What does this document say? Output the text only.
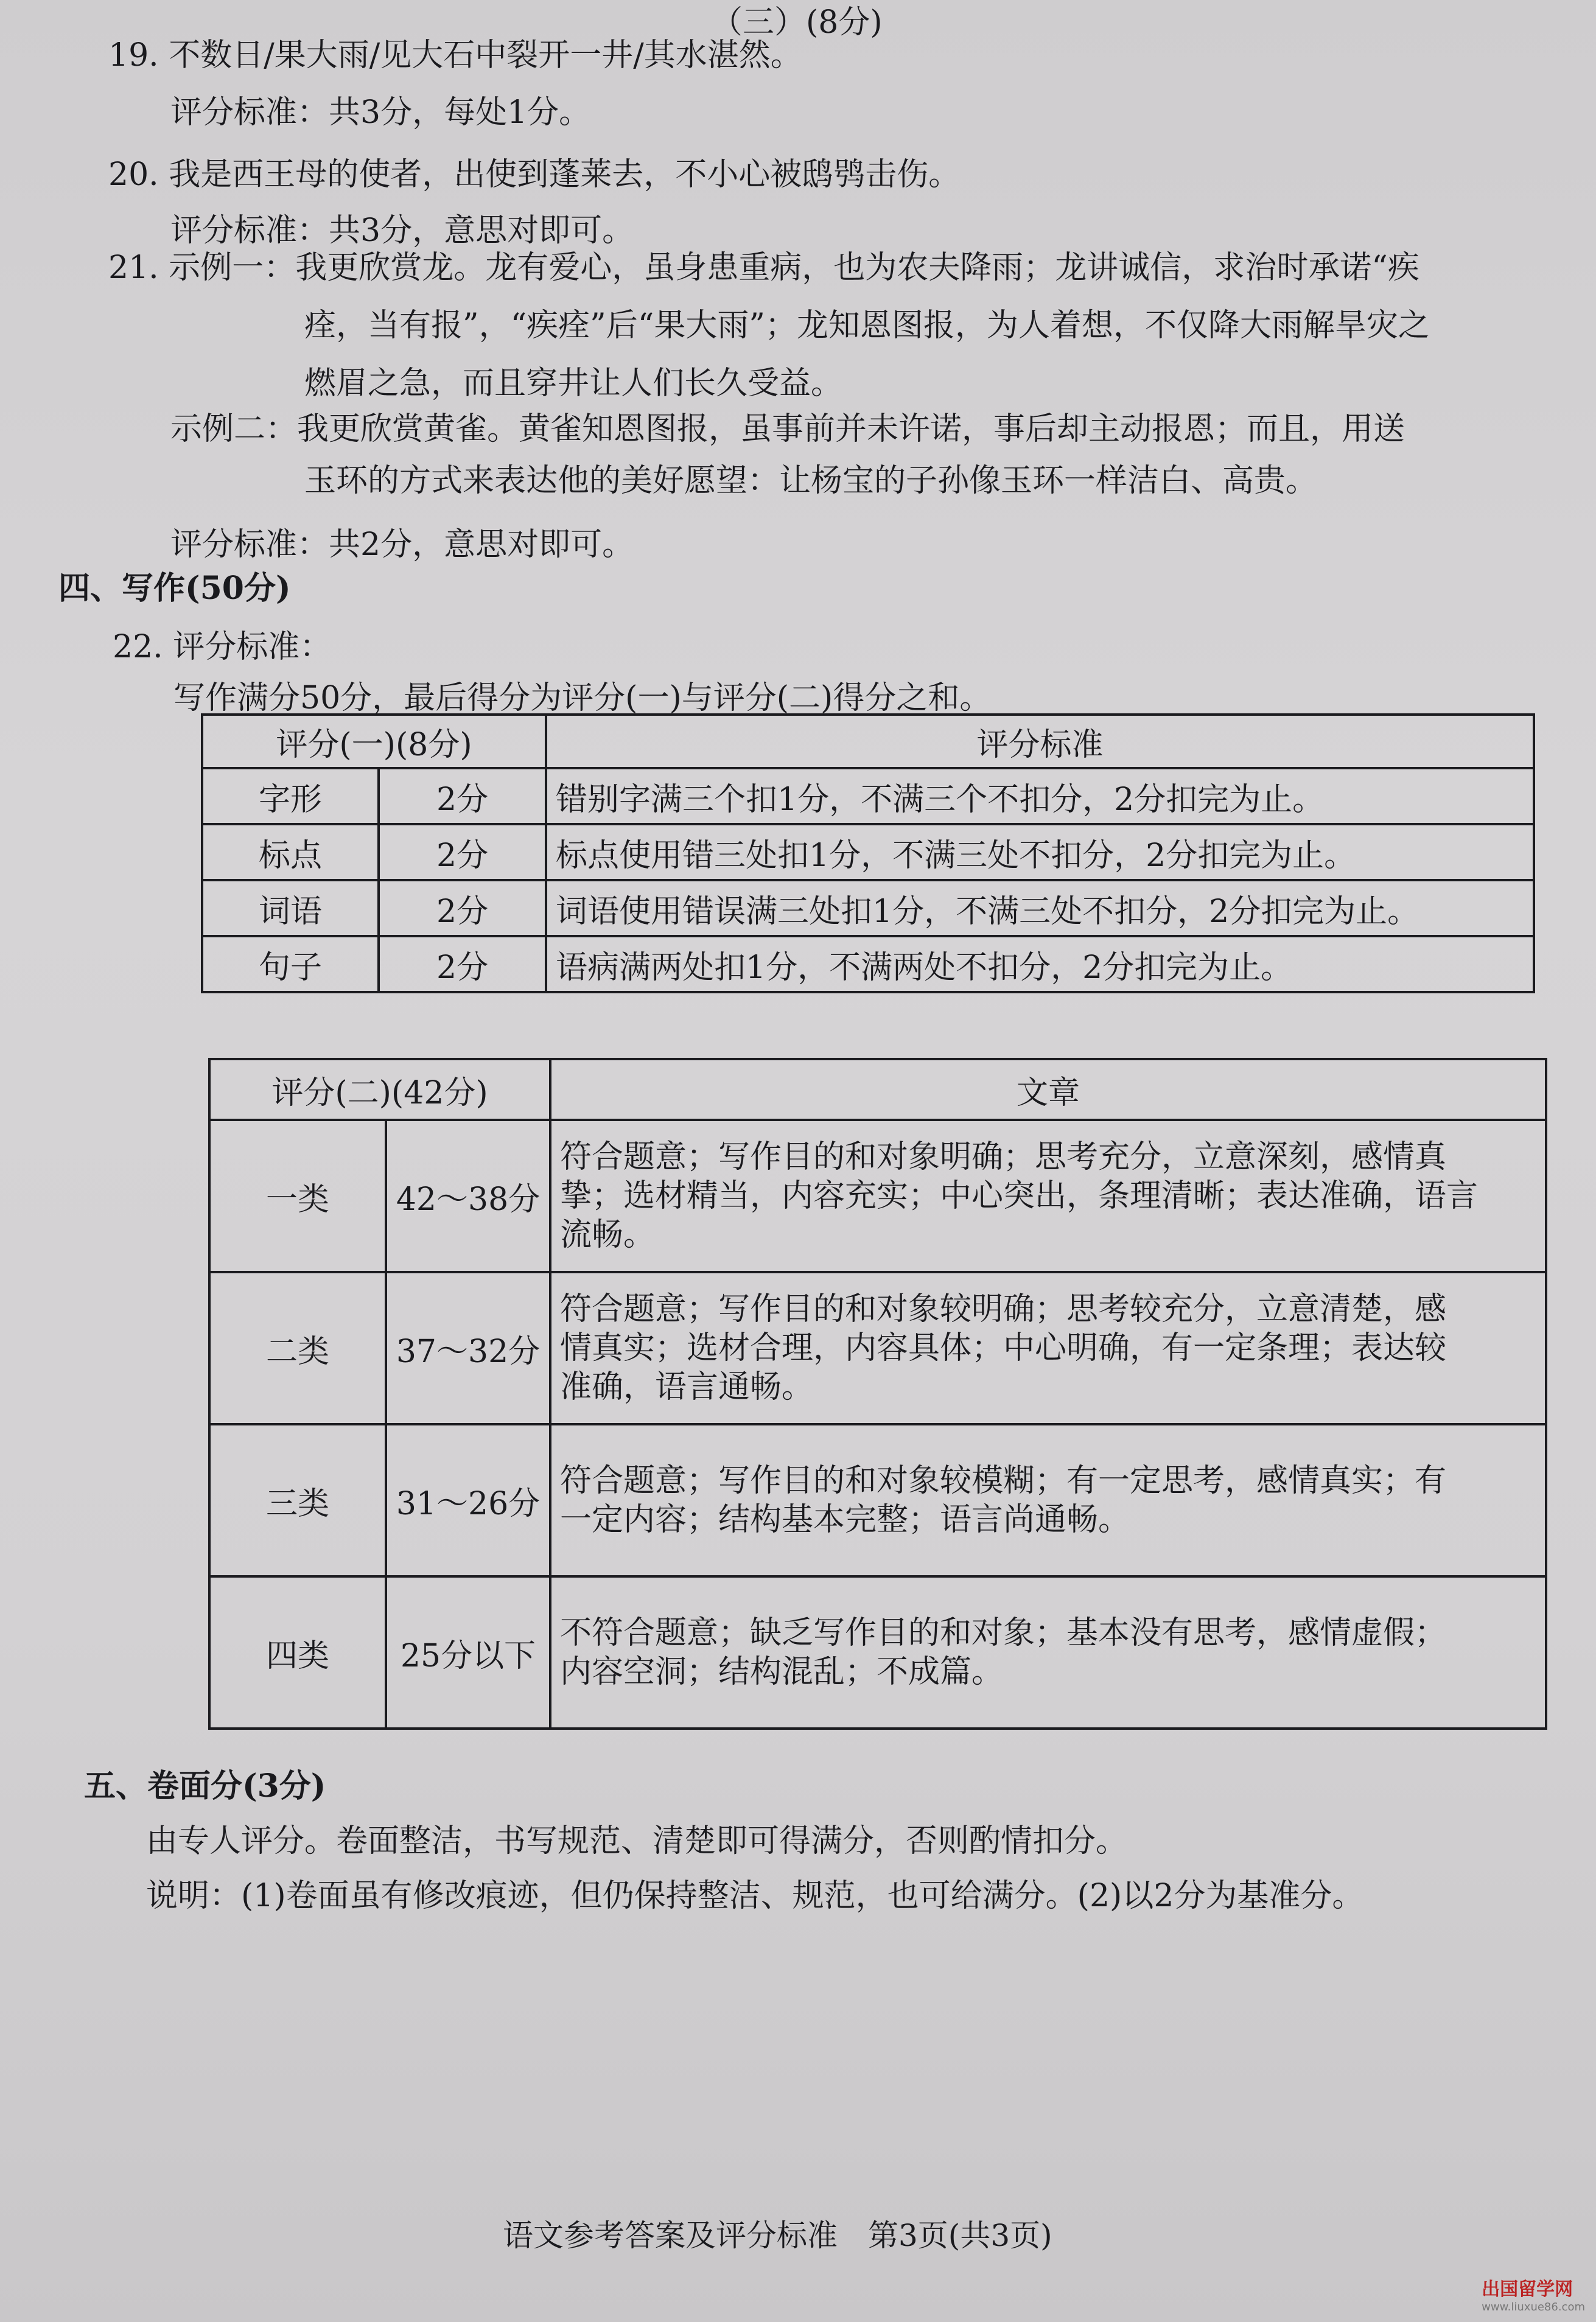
（三）(8分)
19. 不数日/果大雨/见大石中裂开一井/其水湛然。
评分标准：共3分，每处1分。
20. 我是西王母的使者，出使到蓬莱去，不小心被鸱鸮击伤。
评分标准：共3分，意思对即可。
21. 示例一：我更欣赏龙。龙有爱心，虽身患重病，也为农夫降雨；龙讲诚信，求治时承诺“疾
痊，当有报”，“疾痊”后“果大雨”；龙知恩图报，为人着想，不仅降大雨解旱灾之
燃眉之急，而且穿井让人们长久受益。
示例二：我更欣赏黄雀。黄雀知恩图报，虽事前并未许诺，事后却主动报恩；而且，用送
玉环的方式来表达他的美好愿望：让杨宝的子孙像玉环一样洁白、高贵。
评分标准：共2分，意思对即可。
四、写作(50分)
22. 评分标准：
写作满分50分，最后得分为评分(一)与评分(二)得分之和。
评分(一)(8分)		评分标准
字形	2分	错别字满三个扣1分，不满三个不扣分，2分扣完为止。
标点	2分	标点使用错三处扣1分，不满三处不扣分，2分扣完为止。
词语	2分	词语使用错误满三处扣1分，不满三处不扣分，2分扣完为止。
句子	2分	语病满两处扣1分，不满两处不扣分，2分扣完为止。
评分(二)(42分)		文章
一类	42～38分	符合题意；写作目的和对象明确；思考充分，立意深刻，感情真
挚；选材精当，内容充实；中心突出，条理清晰；表达准确，语言
流畅。

二类	37～32分	符合题意；写作目的和对象较明确；思考较充分，立意清楚，感
情真实；选材合理，内容具体；中心明确，有一定条理；表达较
准确，语言通畅。

三类	31～26分	符合题意；写作目的和对象较模糊；有一定思考，感情真实；有
一定内容；结构基本完整；语言尚通畅。

四类	25分以下	不符合题意；缺乏写作目的和对象；基本没有思考，感情虚假；
内容空洞；结构混乱；不成篇。
五、卷面分(3分)
由专人评分。卷面整洁，书写规范、清楚即可得满分，否则酌情扣分。
说明：(1)卷面虽有修改痕迹，但仍保持整洁、规范，也可给满分。(2)以2分为基准分。
语文参考答案及评分标准　第3页(共3页)
出国留学网
www.liuxue86.com
